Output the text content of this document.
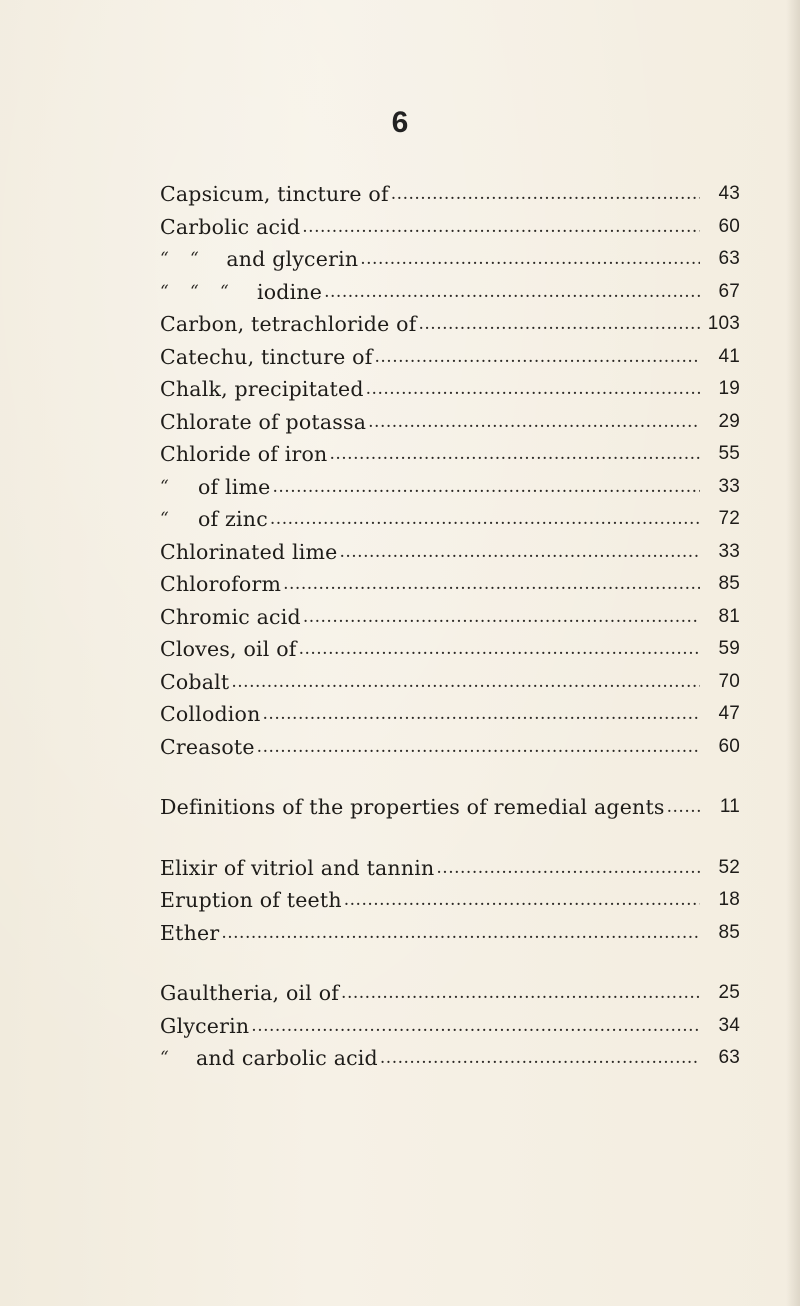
6
Capsicum, tincture of .....	43
Carbolic acid .....	60
“	“	and glycerin .....	63
“	“	“	iodine .....	67
Carbon, tetrachloride of .....	103
Catechu, tincture of .....	41
Chalk, precipitated .....	19
Chlorate of potassa .....	29
Chloride of iron .....	55
“	of lime .....	33
“	of zinc .....	72
Chlorinated lime .....	33
Chloroform .....	85
Chromic acid .....	81
Cloves, oil of .....	59
Cobalt .....	70
Collodion .....	47
Creasote .....	60
Definitions of the properties of remedial agents .....	11
Elixir of vitriol and tannin .....	52
Eruption of teeth .....	18
Ether .....	85
Gaultheria, oil of .....	25
Glycerin .....	34
“	and carbolic acid .....	63
